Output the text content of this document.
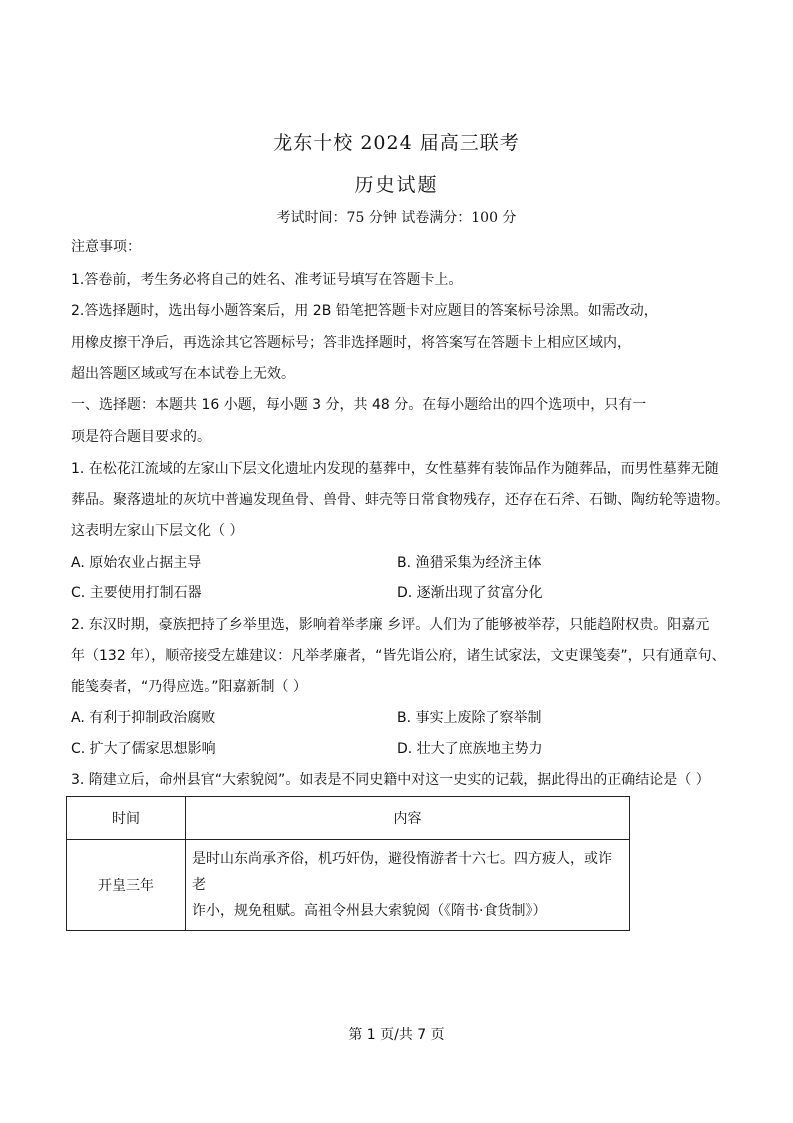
龙东十校 2024 届高三联考
历史试题
考试时间：75 分钟 试卷满分：100 分
注意事项：
1.答卷前，考生务必将自己的姓名、准考证号填写在答题卡上。
2.答选择题时，选出每小题答案后，用 2B 铅笔把答题卡对应题目的答案标号涂黑。如需改动，
用橡皮擦干净后，再选涂其它答题标号；答非选择题时，将答案写在答题卡上相应区域内，
超出答题区域或写在本试卷上无效。
一、选择题：本题共 16 小题，每小题 3 分，共 48 分。在每小题给出的四个选项中，只有一
项是符合题目要求的。
1. 在松花江流域的左家山下层文化遗址内发现的墓葬中，女性墓葬有装饰品作为随葬品，而男性墓葬无随
葬品。聚落遗址的灰坑中普遍发现鱼骨、兽骨、蚌壳等日常食物残存，还存在石斧、石锄、陶纺轮等遗物。
这表明左家山下层文化（ ）
A. 原始农业占据主导	B. 渔猎采集为经济主体
C. 主要使用打制石器	D. 逐渐出现了贫富分化
2. 东汉时期，豪族把持了乡举里选，影响着举孝廉 乡评。人们为了能够被举荐，只能趋附权贵。阳嘉元
年（132 年），顺帝接受左雄建议：凡举孝廉者，“皆先诣公府，诸生试家法，文吏课笺奏”，只有通章句、
能笺奏者，“乃得应选。”阳嘉新制（ ）
A. 有利于抑制政治腐败	B. 事实上废除了察举制
C. 扩大了儒家思想影响	D. 壮大了庶族地主势力
3. 隋建立后，命州县官“大索貌阅”。如表是不同史籍中对这一史实的记载，据此得出的正确结论是（ ）
时间	内容
开皇三年	是时山东尚承齐俗，机巧奸伪，避役惰游者十六七。四方疲人，或诈老
诈小，规免租赋。高祖令州县大索貌阅（《隋书·食货制》）
第 1 页/共 7 页
